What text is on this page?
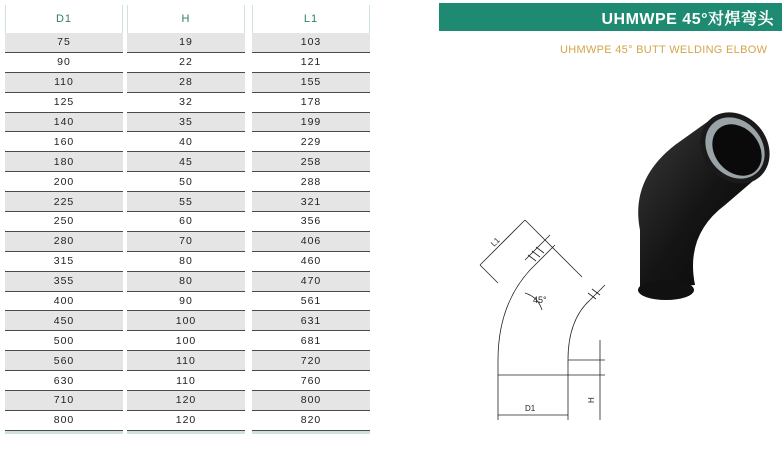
D1
75
90
110
125
140
160
180
200
225
250
280
315
355
400
450
500
560
630
710
800
H
19
22
28
32
35
40
45
50
55
60
70
80
80
90
100
100
110
110
120
120
L1
103
121
155
178
199
229
258
288
321
356
406
460
470
561
631
681
720
760
800
820
UHMWPE 45°对焊弯头
UHMWPE 45° BUTT WELDING ELBOW
45°
D1
H
L1
